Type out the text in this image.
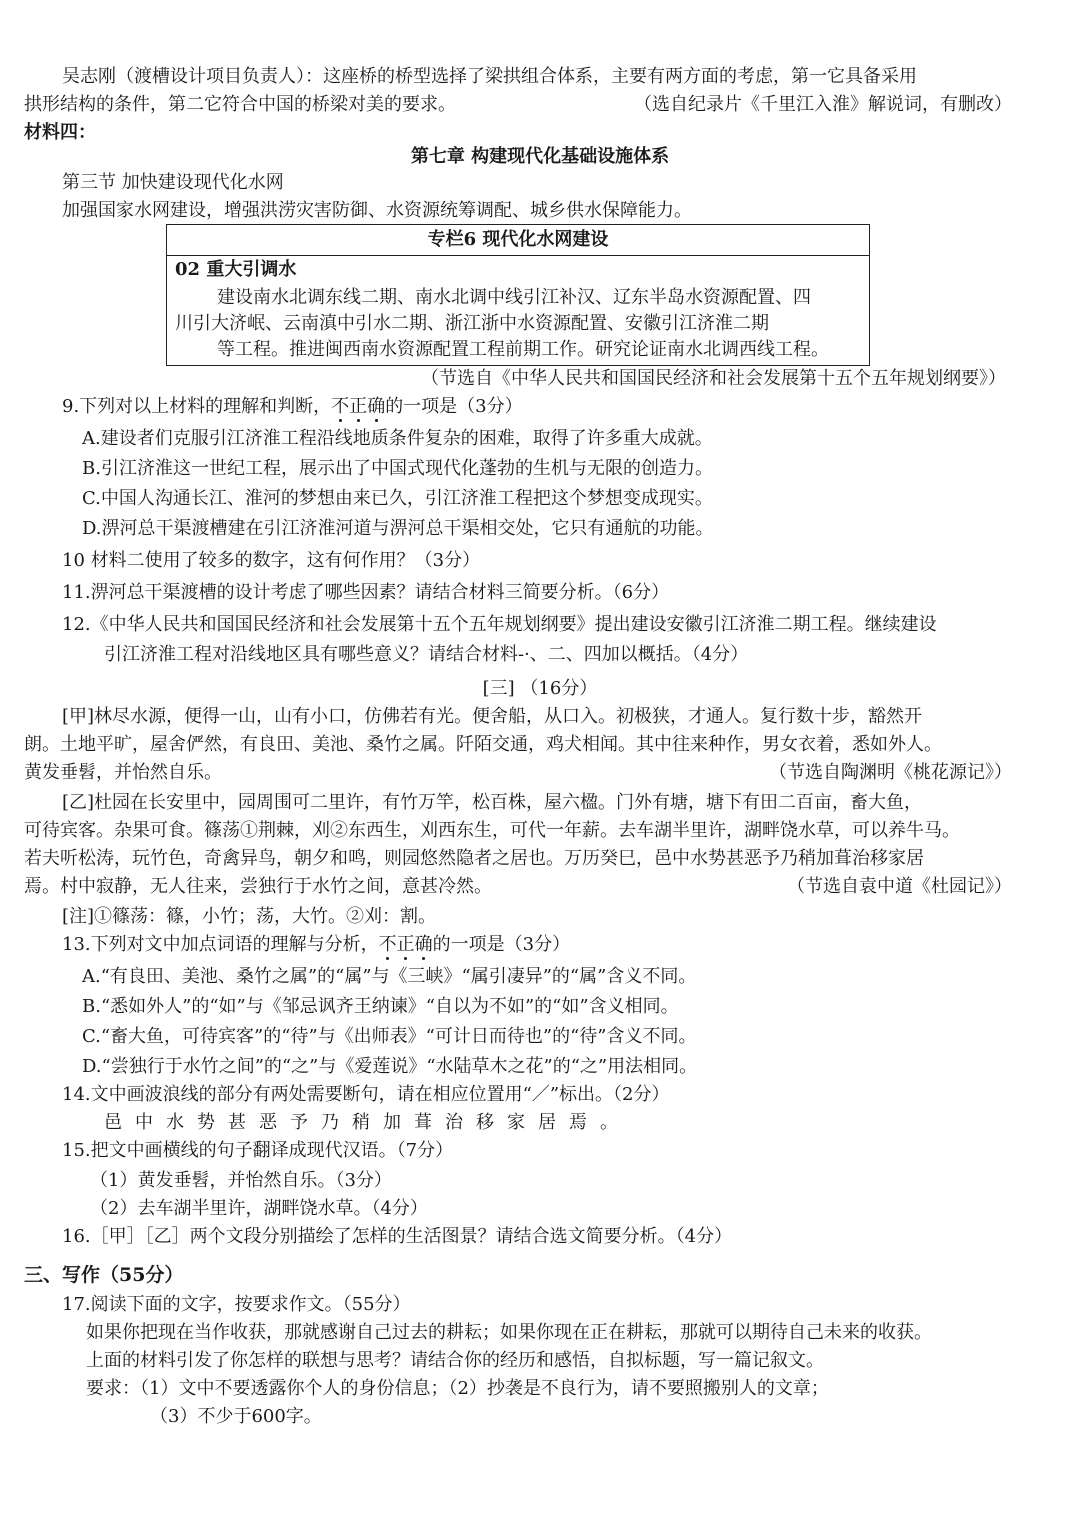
吴志刚（渡槽设计项目负责人）：这座桥的桥型选择了梁拱组合体系，主要有两方面的考虑，第一它具备采用
拱形结构的条件，第二它符合中国的桥梁对美的要求。	（选自纪录片《千里江入淮》解说词，有删改）
材料四：
第七章 构建现代化基础设施体系
第三节 加快建设现代化水网
加强国家水网建设，增强洪涝灾害防御、水资源统筹调配、城乡供水保障能力。
专栏6 现代化水网建设
02 重大引调水
建设南水北调东线二期、南水北调中线引江补汉、辽东半岛水资源配置、四
川引大济岷、云南滇中引水二期、浙江浙中水资源配置、安徽引江济淮二期
等工程。推进闽西南水资源配置工程前期工作。研究论证南水北调西线工程。
（节选自《中华人民共和国国民经济和社会发展第十五个五年规划纲要》）
9.下列对以上材料的理解和判断，不正确的一项是（3分）
A.建设者们克服引江济淮工程沿线地质条件复杂的困难，取得了许多重大成就。
B.引江济淮这一世纪工程，展示出了中国式现代化蓬勃的生机与无限的创造力。
C.中国人沟通长江、淮河的梦想由来已久，引江济淮工程把这个梦想变成现实。
D.淠河总干渠渡槽建在引江济淮河道与淠河总干渠相交处，它只有通航的功能。
10 材料二使用了较多的数字，这有何作用？（3分）
11.淠河总干渠渡槽的设计考虑了哪些因素？请结合材料三简要分析。（6分）
12.《中华人民共和国国民经济和社会发展第十五个五年规划纲要》提出建设安徽引江济淮二期工程。继续建设
引江济淮工程对沿线地区具有哪些意义？请结合材料-·、二、四加以概括。（4分）
[三] （16分）
[甲]林尽水源，便得一山，山有小口，仿佛若有光。便舍船，从口入。初极狭，才通人。复行数十步，豁然开
朗。土地平旷，屋舍俨然，有良田、美池、桑竹之属。阡陌交通，鸡犬相闻。其中往来种作，男女衣着，悉如外人。
黄发垂髫，并怡然自乐。	（节选自陶渊明《桃花源记》）
[乙]杜园在长安里中，园周围可二里许，有竹万竿，松百株，屋六楹。门外有塘，塘下有田二百亩，畜大鱼，
可待宾客。杂果可食。篠荡①荆棘，刈②东西生，刈西东生，可代一年薪。去车湖半里许，湖畔饶水草，可以养牛马。
若夫听松涛，玩竹色，奇禽异鸟，朝夕和鸣，则园悠然隐者之居也。万历癸巳，邑中水势甚恶予乃稍加葺治移家居
焉。村中寂静，无人往来，尝独行于水竹之间，意甚冷然。	（节选自袁中道《杜园记》）
[注]①篠荡：篠，小竹；荡，大竹。②刈：割。
13.下列对文中加点词语的理解与分析，不正确的一项是（3分）
A.“有良田、美池、桑竹之属”的“属”与《三峡》“属引凄异”的“属”含义不同。
B.“悉如外人”的“如”与《邹忌讽齐王纳谏》“自以为不如”的“如”含义相同。
C.“畜大鱼，可待宾客”的“待”与《出师表》“可计日而待也”的“待”含义不同。
D.“尝独行于水竹之间”的“之”与《爱莲说》“水陆草木之花”的“之”用法相同。
14.文中画波浪线的部分有两处需要断句，请在相应位置用“／”标出。（2分）
邑中水势甚恶予乃稍加葺治移家居焉。
15.把文中画横线的句子翻译成现代汉语。（7分）
（1）黄发垂髫，并怡然自乐。（3分）
（2）去车湖半里许，湖畔饶水草。（4分）
16.［甲］［乙］两个文段分别描绘了怎样的生活图景？请结合选文简要分析。（4分）
三、写作（55分）
17.阅读下面的文字，按要求作文。（55分）
如果你把现在当作收获，那就感谢自己过去的耕耘；如果你现在正在耕耘，那就可以期待自己未来的收获。
上面的材料引发了你怎样的联想与思考？请结合你的经历和感悟，自拟标题，写一篇记叙文。
要求：（1）文中不要透露你个人的身份信息；（2）抄袭是不良行为，请不要照搬别人的文章；
（3）不少于600字。
